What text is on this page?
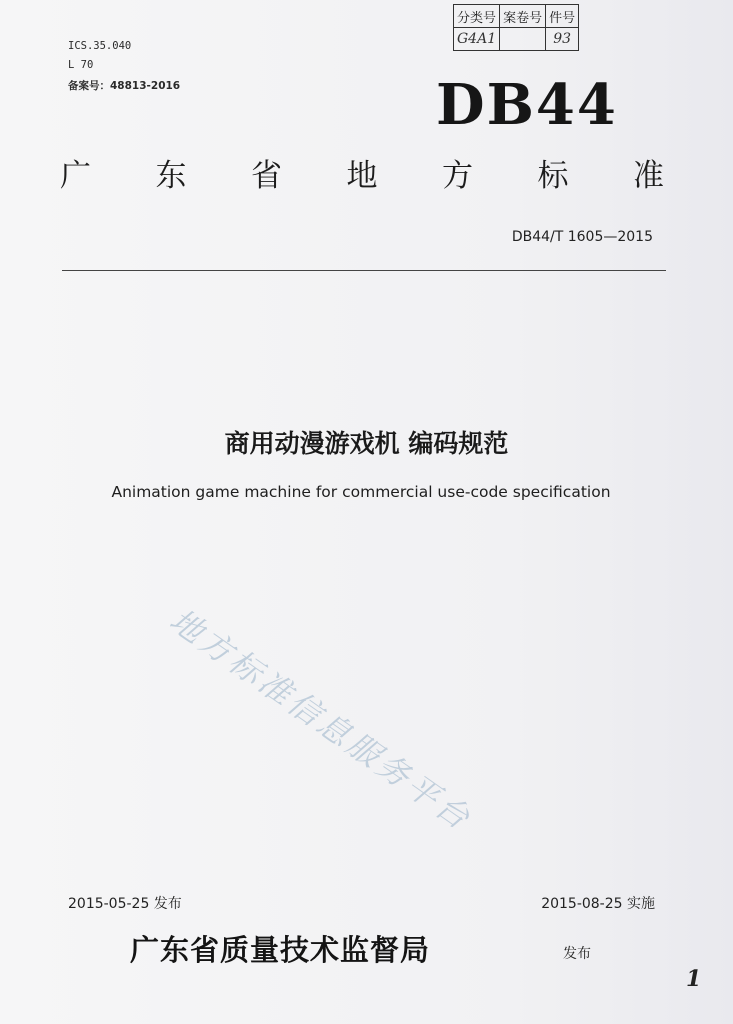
分类号	案卷号	件号
G4A1		93
ICS.35.040
L 70
备案号：48813-2016	DB44
广 东 省 地 方 标 准
DB44/T 1605—2015
商用动漫游戏机 编码规范
Animation game machine for commercial use-code specification
地方标准信息服务平台
2015-05-25 发布	2015-08-25 实施
广东省质量技术监督局	发布
1
